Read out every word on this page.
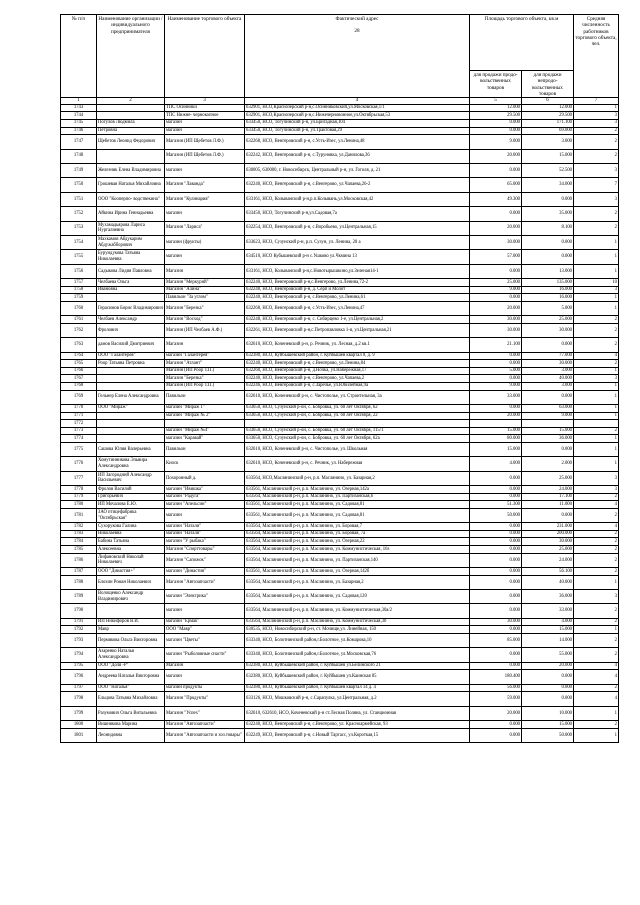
№ п/п	Наименование организации / индивидуального предпринимателя	Наименование торгового объекта	Фактический адрес
28	Площадь торгового объекта, кв.м		Средняя численность работников торгового объекта, чел.
				для продажи продо- вольственных товаров	для продажи непродо- вольственных товаров	
1	2	3	4	5	6	7
1743		ТПС Осинники	632901, НСО,Краснозерский р-н,с.Осинниковский,ул.Московская,1/1	12.000	12.000	1
1744		ТПС Нижне- чернокопное	632901, НСО,Краснозерский р-н,с.Нижечерновонное,ул.Октябрьская,53	29.500	29.500	3
1745	Погулов Людмила	магазин	633450, НСО, Тогучинский р-н, ул.Бригадная,104	0.000	171.100	3
1746	Петровна	магазин	633450, НСО, Тогучинский р-н, ул.Трактовая,29	0.000	69.000	2
1747	Щебетов Леонид Федорович	Магазин (ИП Щебетов Л.Ф.)	632268, НСО, Венгеровский р-н, с.Усть-Изес, ул.Ленина,48	9.000	3.000	2
1748		Магазин (ИП Щебетов Л.Ф.)	632242, НСО, Венгеровский р-н, с.Туруновка, ул.Данилова,36	20.000	15.000	2
1749	Железняк Елена Владимировна	магазин	630005, 630000, г. Новосибирск, Центральный р-н, ул. Гоголя, д. 21	0.000	52.500	3
1750	Грошевая Наталья Михайловна	Магазин "Лаванда"	632240, НСО, Венгеровский р-н, с.Венгерово, ул.Чапаева,26-2	65.000	34.000	7
1751	ООО "Кооперпо- водствекина"	Магазин "Кулинария"	633161, НСО, Колыванский р-н,р.п.Колывань,ул.Московская,42	49.300	0.000	3
1752	Айкина Ирина Геннадьевна	магазин	633450, НСО, Тогучинский р-н,ул.Садовая,7а	0.000	35.000	2
1753	Мухамадьярова Лариса Нургалиевна	Магазин "Лариса"	632254, НСО, Венгеровский р-н, с.Воробьево, ул.Центральная,15	20.000	8.100	2
1754	Махкамов Абдукарим Абдужабборович	магазин (фрукты)	633623, НСО, Сузунский р-н, р.п. Сузун, ул. Ленина, 20 а	30.000	0.000	1
1755	Бурундукова Татьяна Николаевна	магазин	634510, НСО Кубышевский р-н с.Ушково ул.Чкмина 13	57.000	0.000	1
1756	Садыкова Лидия Павловна	Магазин	633161, НСО, Колыванский р-н,с.Новотырышкино,ул.Зеленая14-1	0.000	13.000	1
1757	Челбаева Ольга	Магазин "Меркурий"	632240, НСО, Венгеровский р-н,с.Венгерово, ул.Ленина,72-2	25.000	135.000	10
1758	Ивановна	Магазин "Алина"	632248, НСО, Венгеровский р-н, д. Серп и Молот	9.000	16.000	3
1759		Павильон "За углом"	632240, НСО, Венгеровский р-н, с.Венгерово, ул.Ленина,61	0.000	16.000	1
1760	Герасимов Борис Владимирович	Магазин "Березка"	632268, НСО, Венгеровский р-н, с.Усть-Изес, ул.Ленина,47	20.000	5.000	1
1761	Челбаев Александр	Магазин "Восход"	632248, НСО, Венгеровский р-н, с. Сибирцево 1-е, ул.Центральная,2	30.000	25.000	2
1762	Фролович	Магазин (ИП Челбаев А.Ф.)	632261, НСО, Венгеровский р-н,с.Петропавловка 1-я, ул.Центральная,21	30.000	30.000	2
1763	дамов Василий Дмитриевич	Магазин	632610, НСО, Коченевский р-н, р. Речник, ул. Лесная, д.2 кв.1	21.100	0.000	2
1764	ООО "Галантерея"	магазин "Галантерея"	632380, НСО, Куйбышевский район, г. Куйбышев квартал 8, д. 9	0.000	77.000	4
1765	Роор Татьяна Петровна	Магазин "Атлант"	632240, НСО, Венгеровский р-н, с.Венгерово, ул.Ленина,84	0.000	30.000	2
1766		Магазин (ИП Роор Т.П.)	632260, НСО, Венгеровский р-н, д.Ночка, ул.Набережная,17	5.000	3.000	1
1767		Магазин "Березка"	632240, НСО, Венгеровский р-н, с.Венгерово, ул.Чапаева,2	0.000	40.000	3
1768		Магазин (ИП Роор Т.П.)	632246, НСО, Венгеровский р-н, с.Заречье, ул.Юбилейная,9а	9.000	3.000	1
1769	Гельнер Елена Александровна	Павильон	632610, НСО, Коченевский р-н, с. Чистополье, ул. Строительная, 3а	33.000	0.000	1
1770	ООО "Мираж"	магазин "Мираж 1"	633650, НСО, Сузунский р-он, с. Бобровка, ул. 60 лет Октября, 62	0.000	63.000	1
1771		магазин "Мираж № 2"	633650, НСО, Сузунский р-он, с. Бобровка, ул. 60 лет Октября, 22	20.000	9.000	1
1772						
1773		магазин "Мираж №4"	633650, НСО, Сузунский р-он, с. Бобровка, ул. 60 лет Октября, 115/1	15.000	15.000	2
1774		магазин "Каравай"	633650, НСО, Сузунский р-он, с. Бобровка, ул. 60 лет Октября, 62а	80.000	36.000	1
1775	Сашова Юлия Валерьевна	Павильон	632610, НСО, Коченевский р-н, с. Чистополье, ул. Школьная	15.000	0.000	1
1776	Хомутинникова Эльвира Александровна	Киоск	632610, НСО, Коченевский р-н, с. Речник, ул. Набережная	4.000	2.000	1
1777	ИП Загородний Александр Васильевич	Похоронный д.	633564, НСО,Маслянинский р-н, р.п. Маслянино, ул. Базарная,2	0.000	25.000	3
1778	Фролов Василий	магазин "Ивишка"	633561, Маслянинский р-н, р.п. Маслянино, ул. Озерная,142а	0.000	24.000	3
1779	Григорьевич	магазин "Радуга"	633564, Маслянинский р-н, р.п. Маслянино, ул. Партизанская,6	0.000	17.100	2
1780	ИП Мочалова Е.Ю.	магазин "Апельсин"	633561, Маслянинский р-н, р.п. Маслянино, ул. Садовая,81	51.300	11.000	4
1781	ЗАО птицефабрика "Октябрьская"	магазин	633561, Маслянинский р-н, р.п. Маслянино, ул. Садовая,81	50.000	0.000	2
1782	Сухорукова Галина	магазин "Натали"	633564, Маслянинский р-н, р.п. Маслянино, ул. Боровая,7	0.000	231.000	4
1783	Николаевна	магазин "Натали"	633564, Маслянинский р-н, р.п. Маслянино, ул. Боровая, 7а	0.000	200.000	2
1784	Бабина Татьяна	магазин "У рыбака"	633564, Маслянинский р-н, р.п. Маслянино, ул. Озерная,22	0.000	30.000	2
1785	Алексеевна	Магазин "Спорттовары"	633564, Маслянинский р-н, р.п. Маслянино, ул. Коммунистическая, 16з	0.000	25.000	2
1786	Лифановский Николай Николаевич	Магазин "Сапожок"	633564, Маслянинский р-н, р.п. Маслянино, ул. Партизанская,140	0.000	24.000	2
1787	ООО "Династия+"	магазин "Династия"	633561, Маслянинский р-н, р.п. Маслянино, ул. Озерная,142б	0.000	56.100	2
1788	Блохин Роман Николаевич	Магазин "Автозапчасти"	633564, Маслянинский р-н, р.п. Маслянино, ул. Базарная,2	0.000	40.000	1
1789	Волощенко Александр Владимирович	магазин "Электрика"	633564, Маслянинский р-н, р.п. Маслянино, ул. Садовая,120	0.000	36.000	3
1790		магазин	633564, Маслянинский р-н, р.п. Маслянино, ул. Коммунистическая,30а/2	0.000	33.000	2
1791	ИП Никифоров В.И.	магазин "Ермак"	633564, Маслянинский р-н, р.п. Маслянино, ул. Коммунистическая,30	30.000	4.000	2
1792	Мавр	ООО "Мавр"	630535, НСО, Новосибирский р-н, ст. Мочище,ул. Линейная, 150	0.000	15.000	1
1793	Пермякова Ольга Викторовна	магазин "Цветы"	633340, НСО, Болотнинский район,г.Болотное, ул.Комарова,10	85.000	14.000	2
1794	Азаренко Наталья Александровна	магазин "Рыболовные снасти"	633340, НСО, Болотнинский район,г.Болотное, ул.Московская,76	0.000	55.000	2
1795	ООО "Доля -Р"	Магазин	632380, НСО, Куйбышевский район, г. Куйбышев ул.Белинского 21	0.000	20.000	4
1796	Андреева Наталья Викторовна	магазин	632380, НСО, Куйбышевский район, г. Куйбышев ул.Каинская 85	180.400	0.000	4
1797	ООО "Наталья"	магазин продукты	632380, НСО, Куйбышевский район, г. Куйбышев квартал 14 д. 4	56.000	0.000	2
1798	Ельцова Татьяна Михайловна	Магазин "Продукты"	633126, НСО, Мошковский р-н, с.Сарапулка, ул.Центральная, д.2	59.000	0.000	4
1799	Разумович Ольга Витальевна	Магазин "Успех"	632610, 632610, НСО, Коченевский р-н ст.Лесная Поляна, ул. Станционная	20.000	10.000	1
1800	Вишнякова Марина	Магазин "Автозапчасти"	632240, НСО, Венгеровский р-н, с.Венгерово, ул. Красноармейская, 93	0.000	15.000	2
1801	Леонидовна	Магазин "Автозапчасти и хоз.товары"	632249, НСО, Венгеровский р-н, с.Новый Тартасс, ул.Короткая,15	0.000	50.000	1
